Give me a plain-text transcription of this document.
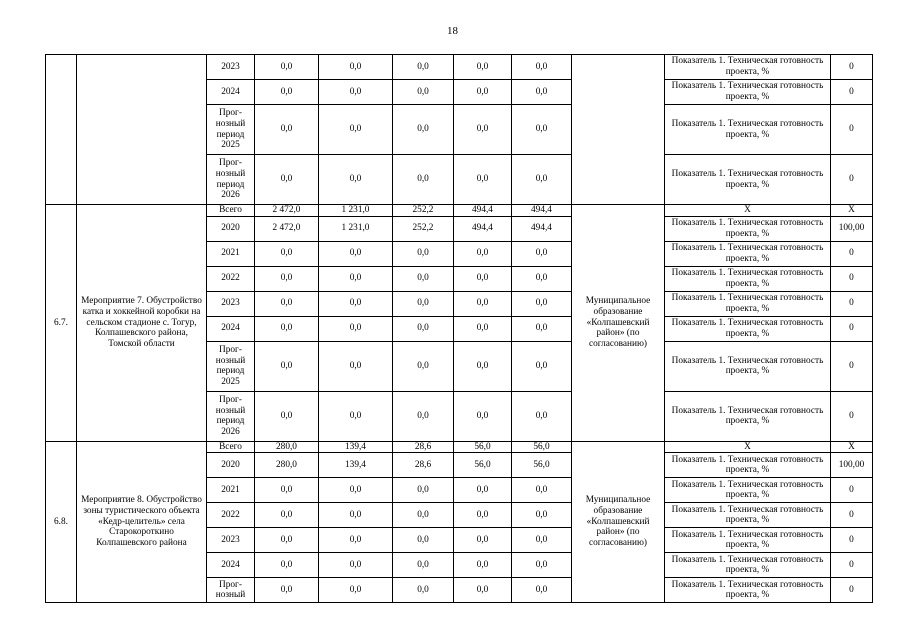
18
		2023	0,0	0,0	0,0	0,0	0,0		Показатель 1. Техническая готовность проекта, %	0
		2024	0,0	0,0	0,0	0,0	0,0		Показатель 1. Техническая готовность проекта, %	0
		Прог-нозный период 2025	0,0	0,0	0,0	0,0	0,0		Показатель 1. Техническая готовность проекта, %	0
		Прог-нозный период 2026	0,0	0,0	0,0	0,0	0,0		Показатель 1. Техническая готовность проекта, %	0
6.7.	Мероприятие 7. Обустройство катка и хоккейной коробки на сельском стадионе с. Тогур, Колпашевского района, Томской области	Всего	2 472,0	1 231,0	252,2	494,4	494,4	Муниципальное образование «Колпашевский район» (по согласованию)	Х	Х
		2020	2 472,0	1 231,0	252,2	494,4	494,4		Показатель 1. Техническая готовность проекта, %	100,00
		2021	0,0	0,0	0,0	0,0	0,0		Показатель 1. Техническая готовность проекта, %	0
		2022	0,0	0,0	0,0	0,0	0,0		Показатель 1. Техническая готовность проекта, %	0
		2023	0,0	0,0	0,0	0,0	0,0		Показатель 1. Техническая готовность проекта, %	0
		2024	0,0	0,0	0,0	0,0	0,0		Показатель 1. Техническая готовность проекта, %	0
		Прог-нозный период 2025	0,0	0,0	0,0	0,0	0,0		Показатель 1. Техническая готовность проекта, %	0
		Прог-нозный период 2026	0,0	0,0	0,0	0,0	0,0		Показатель 1. Техническая готовность проекта, %	0
6.8.	Мероприятие 8. Обустройство зоны туристического объекта «Кедр-целитель» села Старокороткино Колпашевского района	Всего	280,0	139,4	28,6	56,0	56,0	Муниципальное образование «Колпашевский район» (по согласованию)	Х	Х
		2020	280,0	139,4	28,6	56,0	56,0		Показатель 1. Техническая готовность проекта, %	100,00
		2021	0,0	0,0	0,0	0,0	0,0		Показатель 1. Техническая готовность проекта, %	0
		2022	0,0	0,0	0,0	0,0	0,0		Показатель 1. Техническая готовность проекта, %	0
		2023	0,0	0,0	0,0	0,0	0,0		Показатель 1. Техническая готовность проекта, %	0
		2024	0,0	0,0	0,0	0,0	0,0		Показатель 1. Техническая готовность проекта, %	0
		Прог-нозный	0,0	0,0	0,0	0,0	0,0		Показатель 1. Техническая готовность проекта, %	0
